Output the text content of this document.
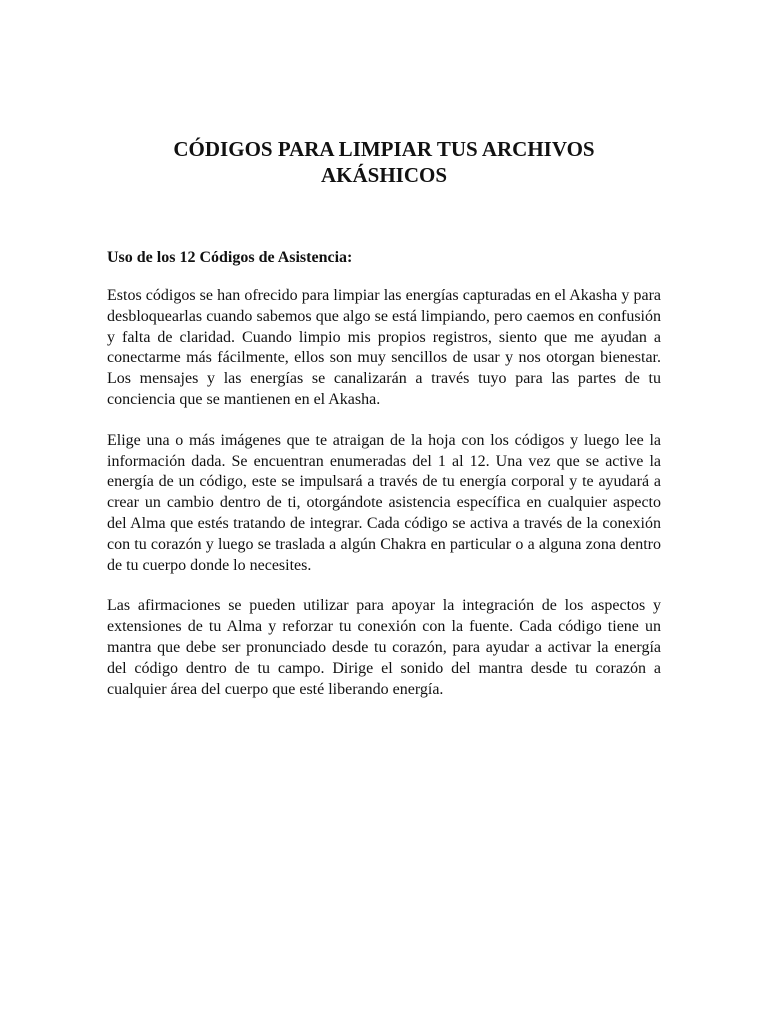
CÓDIGOS PARA LIMPIAR TUS ARCHIVOS
AKÁSHICOS
Uso de los 12 Códigos de Asistencia:

Estos códigos se han ofrecido para limpiar las energías capturadas en el Akasha y para desbloquearlas cuando sabemos que algo se está limpiando, pero caemos en confusión y falta de claridad. Cuando limpio mis propios registros, siento que me ayudan a conectarme más fácilmente, ellos son muy sencillos de usar y nos otorgan bienestar. Los mensajes y las energías se canalizarán a través tuyo para las partes de tu conciencia que se mantienen en el Akasha.

Elige una o más imágenes que te atraigan de la hoja con los códigos y luego lee la información dada. Se encuentran enumeradas del 1 al 12. Una vez que se active la energía de un código, este se impulsará a través de tu energía corporal y te ayudará a crear un cambio dentro de ti, otorgándote asistencia específica en cualquier aspecto del Alma que estés tratando de integrar. Cada código se activa a través de la conexión con tu corazón y luego se traslada a algún Chakra en particular o a alguna zona dentro de tu cuerpo donde lo necesites.

Las afirmaciones se pueden utilizar para apoyar la integración de los aspectos y extensiones de tu Alma y reforzar tu conexión con la fuente. Cada código tiene un mantra que debe ser pronunciado desde tu corazón, para ayudar a activar la energía del código dentro de tu campo. Dirige el sonido del mantra desde tu corazón a cualquier área del cuerpo que esté liberando energía.
